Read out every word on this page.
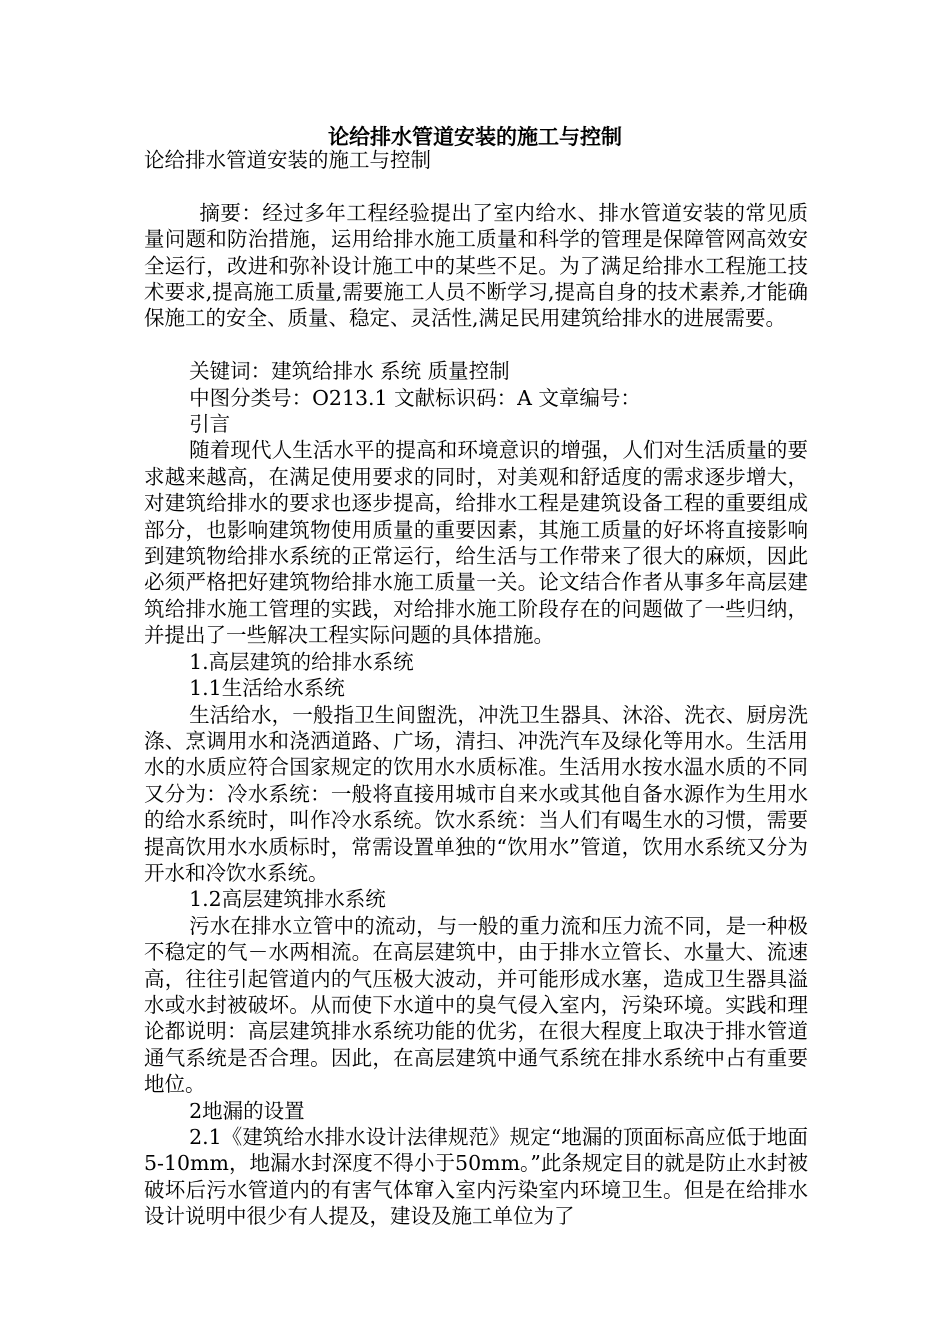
论给排水管道安装的施工与控制

论给排水管道安装的施工与控制

摘要：经过多年工程经验提出了室内给水、排水管道安装的常见质量问题和防治措施，运用给排水施工质量和科学的管理是保障管网高效安全运行，改进和弥补设计施工中的某些不足。为了满足给排水工程施工技术要求,提高施工质量,需要施工人员不断学习,提高自身的技术素养,才能确保施工的安全、质量、稳定、灵活性,满足民用建筑给排水的进展需要。

关键词：建筑给排水 系统 质量控制

中图分类号：O213.1 文献标识码：A 文章编号：

引言

随着现代人生活水平的提高和环境意识的增强，人们对生活质量的要求越来越高，在满足使用要求的同时，对美观和舒适度的需求逐步增大，对建筑给排水的要求也逐步提高，给排水工程是建筑设备工程的重要组成部分，也影响建筑物使用质量的重要因素，其施工质量的好坏将直接影响到建筑物给排水系统的正常运行，给生活与工作带来了很大的麻烦，因此必须严格把好建筑物给排水施工质量一关。论文结合作者从事多年高层建筑给排水施工管理的实践，对给排水施工阶段存在的问题做了一些归纳，并提出了一些解决工程实际问题的具体措施。

1.高层建筑的给排水系统

1.1生活给水系统

生活给水，一般指卫生间盥洗，冲洗卫生器具、沐浴、洗衣、厨房洗涤、烹调用水和浇洒道路、广场，清扫、冲洗汽车及绿化等用水。生活用水的水质应符合国家规定的饮用水水质标准。生活用水按水温水质的不同又分为：冷水系统：一般将直接用城市自来水或其他自备水源作为生用水的给水系统时，叫作冷水系统。饮水系统：当人们有喝生水的习惯，需要提高饮用水水质标时，常需设置单独的“饮用水”管道，饮用水系统又分为开水和冷饮水系统。

1.2高层建筑排水系统

污水在排水立管中的流动，与一般的重力流和压力流不同，是一种极不稳定的气－水两相流。在高层建筑中，由于排水立管长、水量大、流速高，往往引起管道内的气压极大波动，并可能形成水塞，造成卫生器具溢水或水封被破坏。从而使下水道中的臭气侵入室内，污染环境。实践和理论都说明：高层建筑排水系统功能的优劣，在很大程度上取决于排水管道通气系统是否合理。因此，在高层建筑中通气系统在排水系统中占有重要地位。

2地漏的设置

2.1《建筑给水排水设计法律规范》规定“地漏的顶面标高应低于地面5-10mm，地漏水封深度不得小于50mm。”此条规定目的就是防止水封被破坏后污水管道内的有害气体窜入室内污染室内环境卫生。但是在给排水设计说明中很少有人提及，建设及施工单位为了
